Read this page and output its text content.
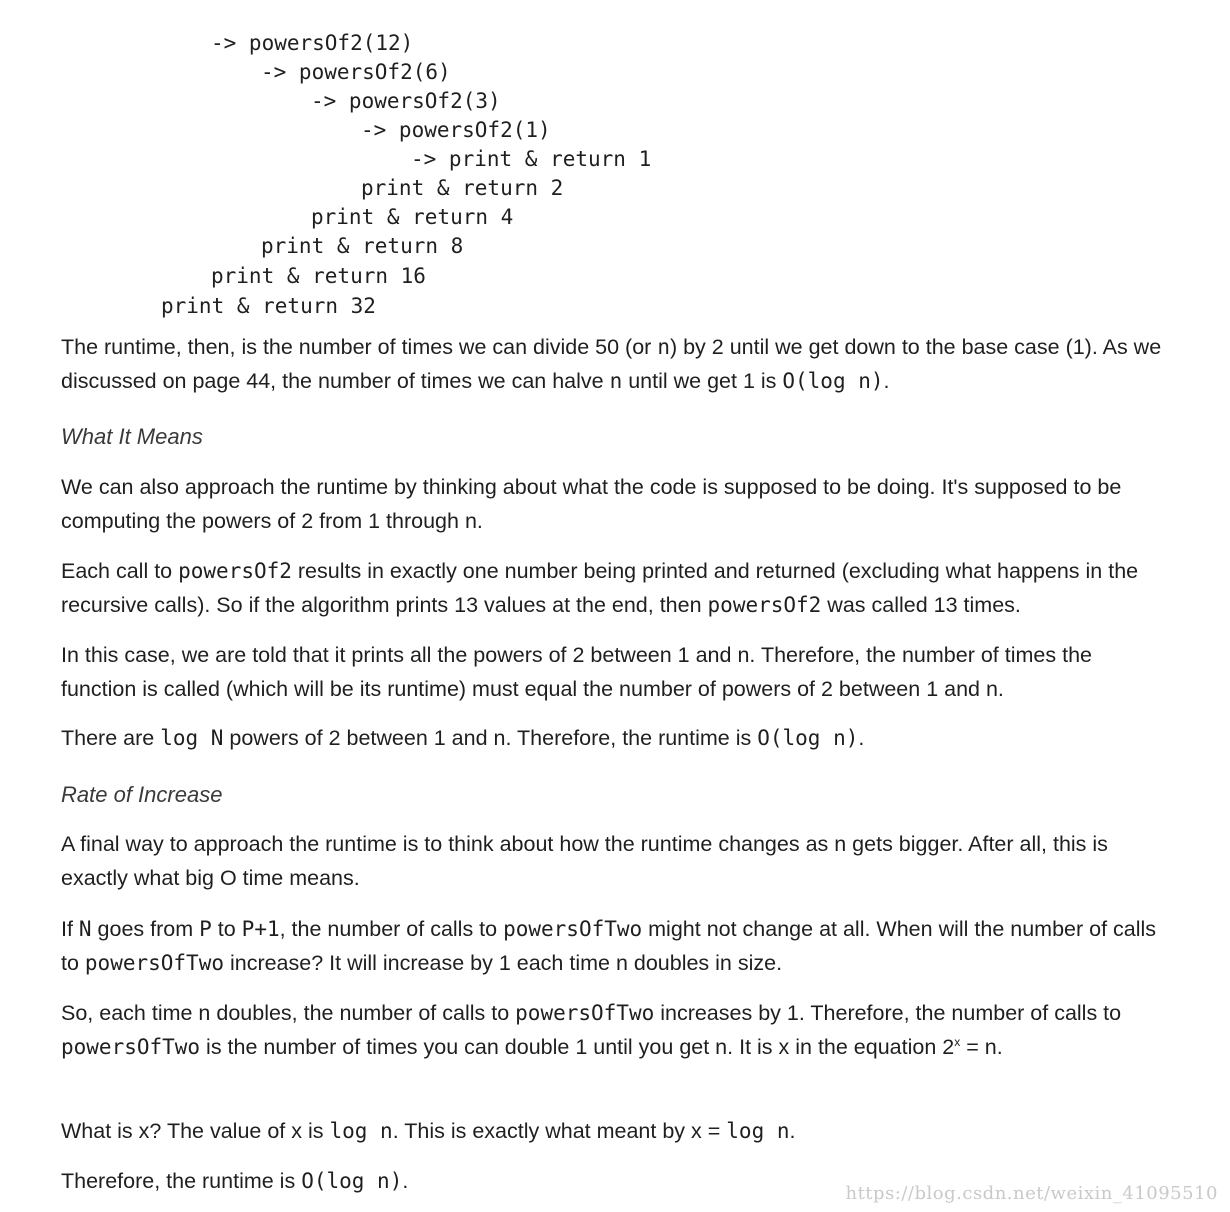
-> powersOf2(12)
-> powersOf2(6)
-> powersOf2(3)
-> powersOf2(1)
-> print & return 1
print & return 2
print & return 4
print & return 8
print & return 16
print & return 32

The runtime, then, is the number of times we can divide 50 (or n) by 2 until we get down to the base case (1). As we discussed on page 44, the number of times we can halve n until we get 1 is O(log n).

What It Means

We can also approach the runtime by thinking about what the code is supposed to be doing. It's supposed to be computing the powers of 2 from 1 through n.

Each call to powersOf2 results in exactly one number being printed and returned (excluding what happens in the recursive calls). So if the algorithm prints 13 values at the end, then powersOf2 was called 13 times.

In this case, we are told that it prints all the powers of 2 between 1 and n. Therefore, the number of times the function is called (which will be its runtime) must equal the number of powers of 2 between 1 and n.

There are log N powers of 2 between 1 and n. Therefore, the runtime is O(log n).

Rate of Increase

A final way to approach the runtime is to think about how the runtime changes as n gets bigger. After all, this is exactly what big O time means.

If N goes from P to P+1, the number of calls to powersOfTwo might not change at all. When will the number of calls to powersOfTwo increase? It will increase by 1 each time n doubles in size.

So, each time n doubles, the number of calls to powersOfTwo increases by 1. Therefore, the number of calls to powersOfTwo is the number of times you can double 1 until you get n. It is x in the equation $2^x = n$.

What is x? The value of x is log n. This is exactly what meant by x = log n.

Therefore, the runtime is O(log n).

https://blog.csdn.net/weixin_41095510
